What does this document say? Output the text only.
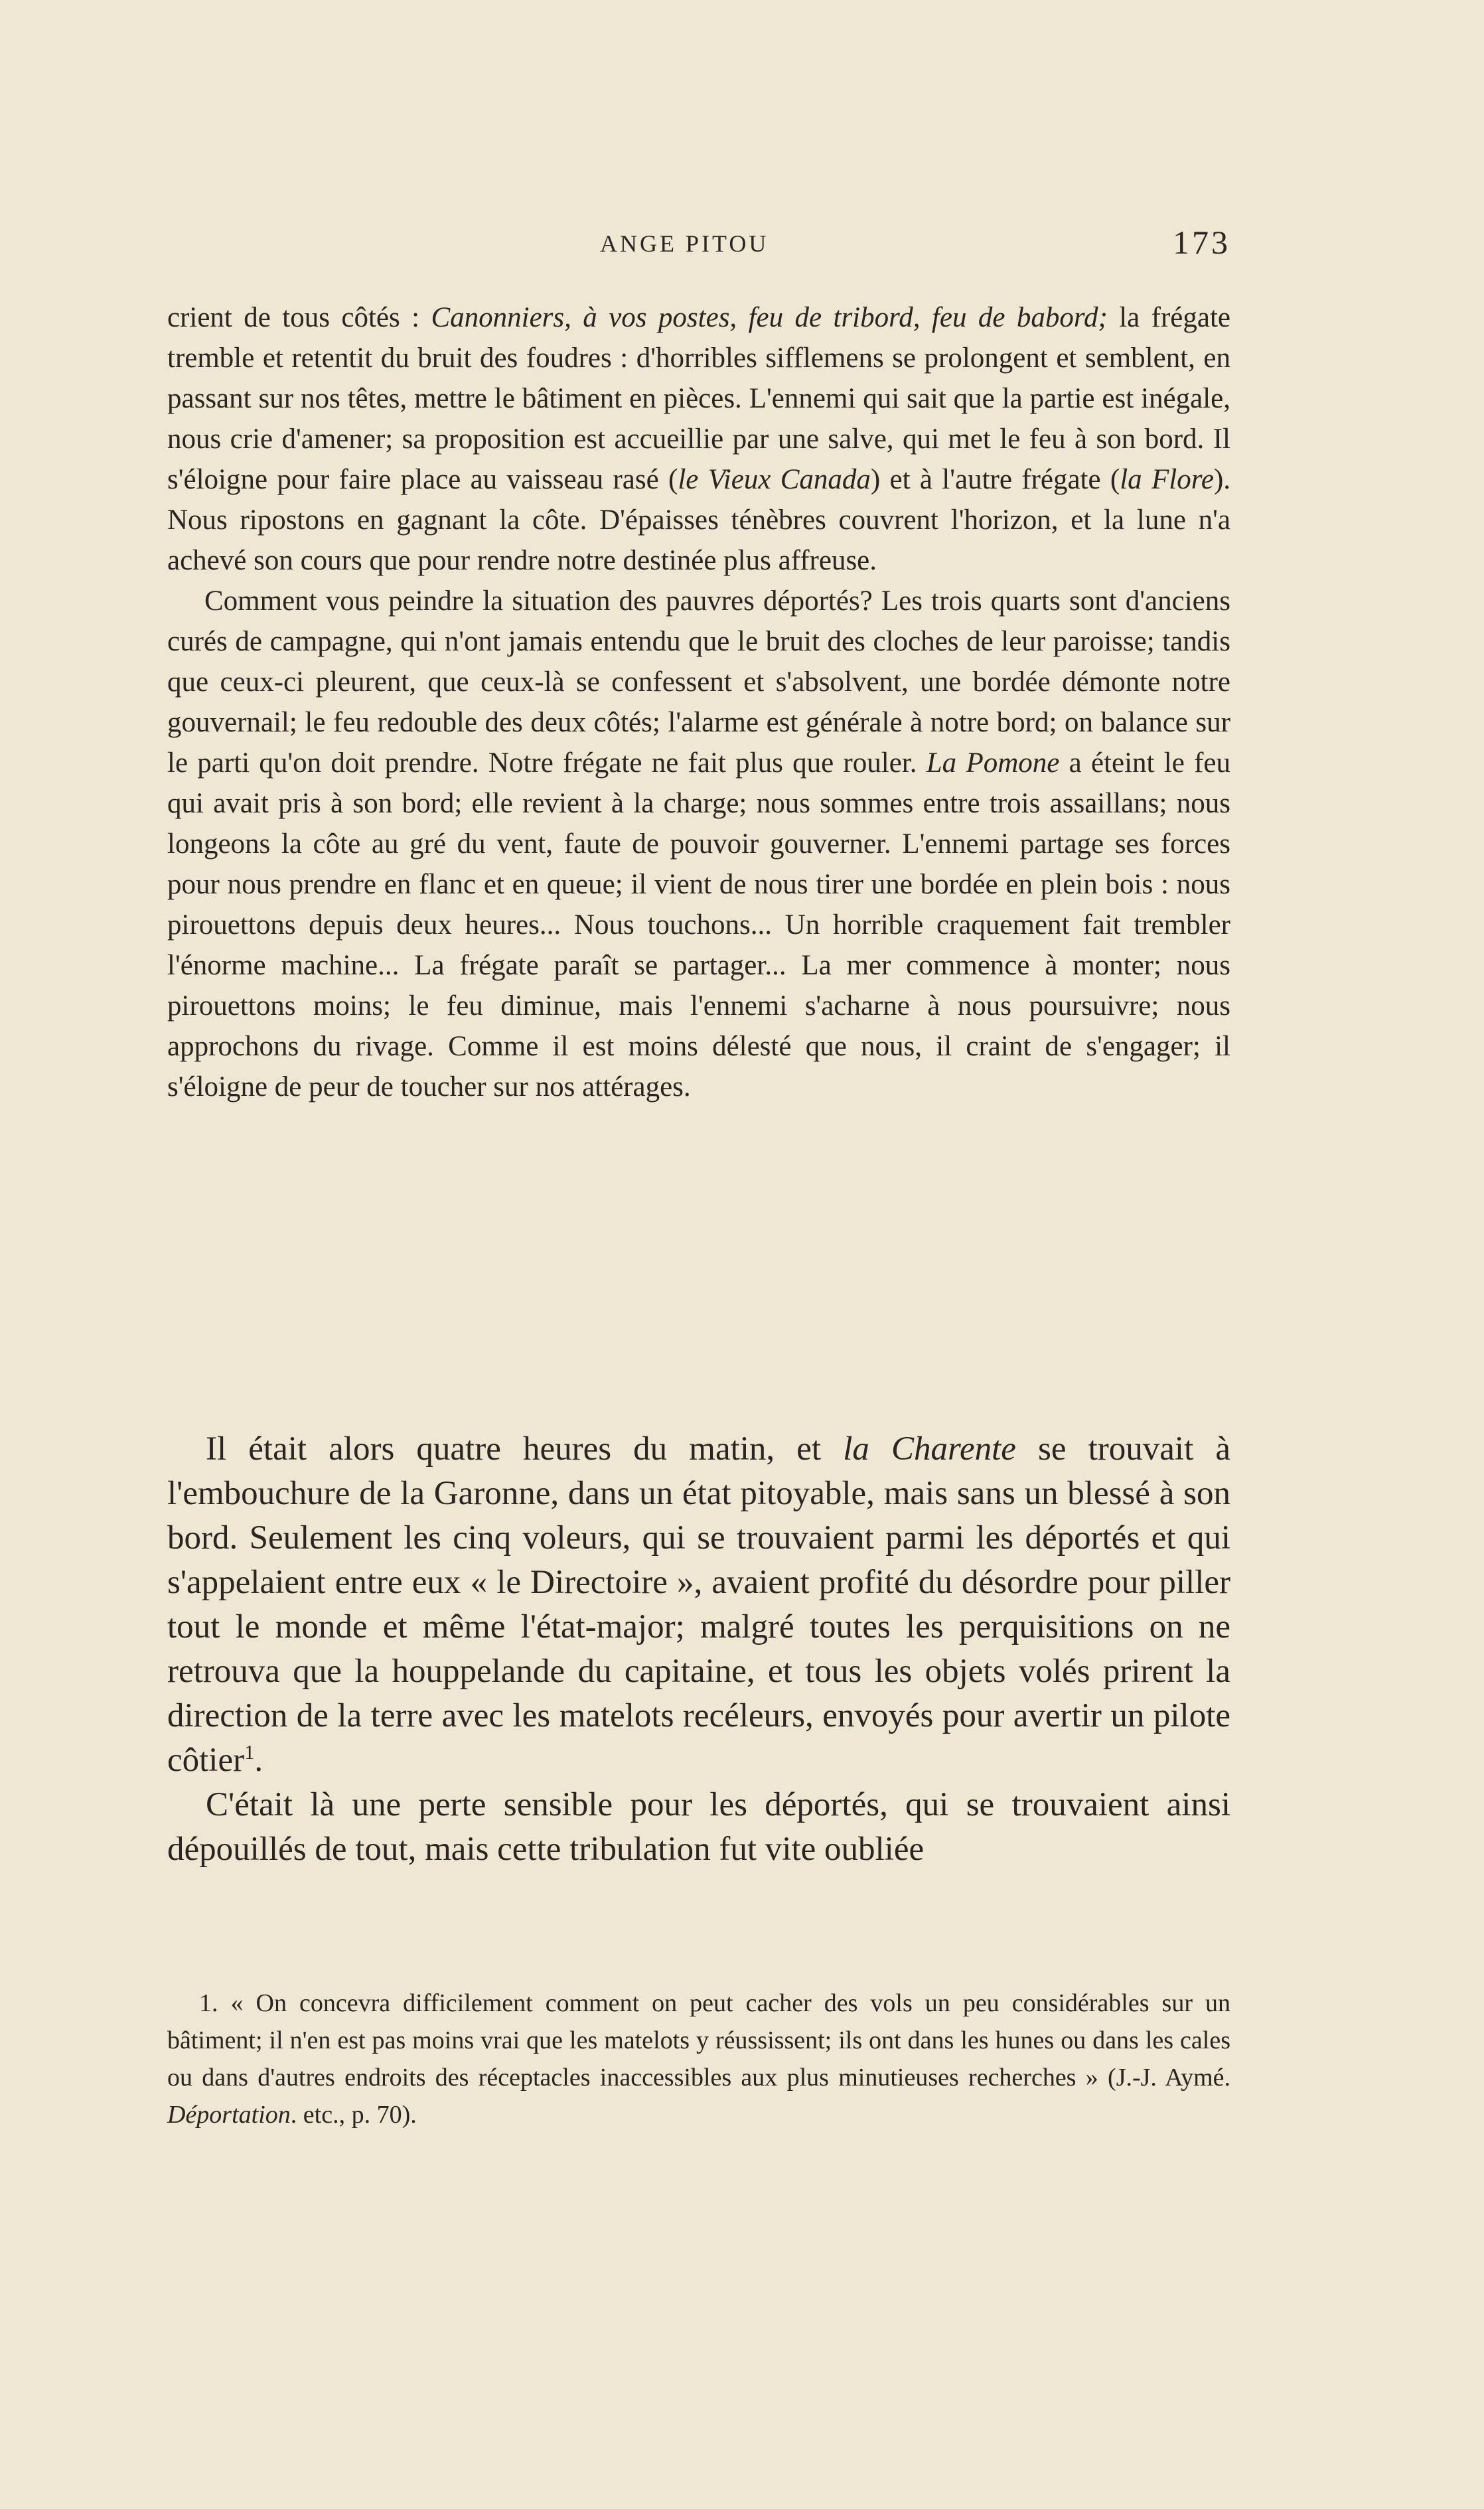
ANGE PITOU	173

crient de tous côtés : Canonniers, à vos postes, feu de tribord, feu de babord; la frégate tremble et retentit du bruit des foudres : d'horribles sifflemens se prolongent et semblent, en passant sur nos têtes, mettre le bâtiment en pièces. L'ennemi qui sait que la partie est inégale, nous crie d'amener; sa proposition est accueillie par une salve, qui met le feu à son bord. Il s'éloigne pour faire place au vaisseau rasé (le Vieux Canada) et à l'autre frégate (la Flore). Nous ripostons en gagnant la côte. D'épaisses ténèbres couvrent l'horizon, et la lune n'a achevé son cours que pour rendre notre destinée plus affreuse.

Comment vous peindre la situation des pauvres déportés? Les trois quarts sont d'anciens curés de campagne, qui n'ont jamais entendu que le bruit des cloches de leur paroisse; tandis que ceux-ci pleurent, que ceux-là se confessent et s'absolvent, une bordée démonte notre gouvernail; le feu redouble des deux côtés; l'alarme est générale à notre bord; on balance sur le parti qu'on doit prendre. Notre frégate ne fait plus que rouler. La Pomone a éteint le feu qui avait pris à son bord; elle revient à la charge; nous sommes entre trois assaillans; nous longeons la côte au gré du vent, faute de pouvoir gouverner. L'ennemi partage ses forces pour nous prendre en flanc et en queue; il vient de nous tirer une bordée en plein bois : nous pirouettons depuis deux heures... Nous touchons... Un horrible craquement fait trembler l'énorme machine... La frégate paraît se partager... La mer commence à monter; nous pirouettons moins; le feu diminue, mais l'ennemi s'acharne à nous poursuivre; nous approchons du rivage. Comme il est moins délesté que nous, il craint de s'engager; il s'éloigne de peur de toucher sur nos attérages.

Il était alors quatre heures du matin, et la Charente se trouvait à l'embouchure de la Garonne, dans un état pitoyable, mais sans un blessé à son bord. Seulement les cinq voleurs, qui se trouvaient parmi les déportés et qui s'appelaient entre eux « le Directoire », avaient profité du désordre pour piller tout le monde et même l'état-major; malgré toutes les perquisitions on ne retrouva que la houppelande du capitaine, et tous les objets volés prirent la direction de la terre avec les matelots recéleurs, envoyés pour avertir un pilote côtier$^1$.

C'était là une perte sensible pour les déportés, qui se trouvaient ainsi dépouillés de tout, mais cette tribulation fut vite oubliée

1. « On concevra difficilement comment on peut cacher des vols un peu considérables sur un bâtiment; il n'en est pas moins vrai que les matelots y réussissent; ils ont dans les hunes ou dans les cales ou dans d'autres endroits des réceptacles inaccessibles aux plus minutieuses recherches » (J.-J. Aymé. Déportation. etc., p. 70).
